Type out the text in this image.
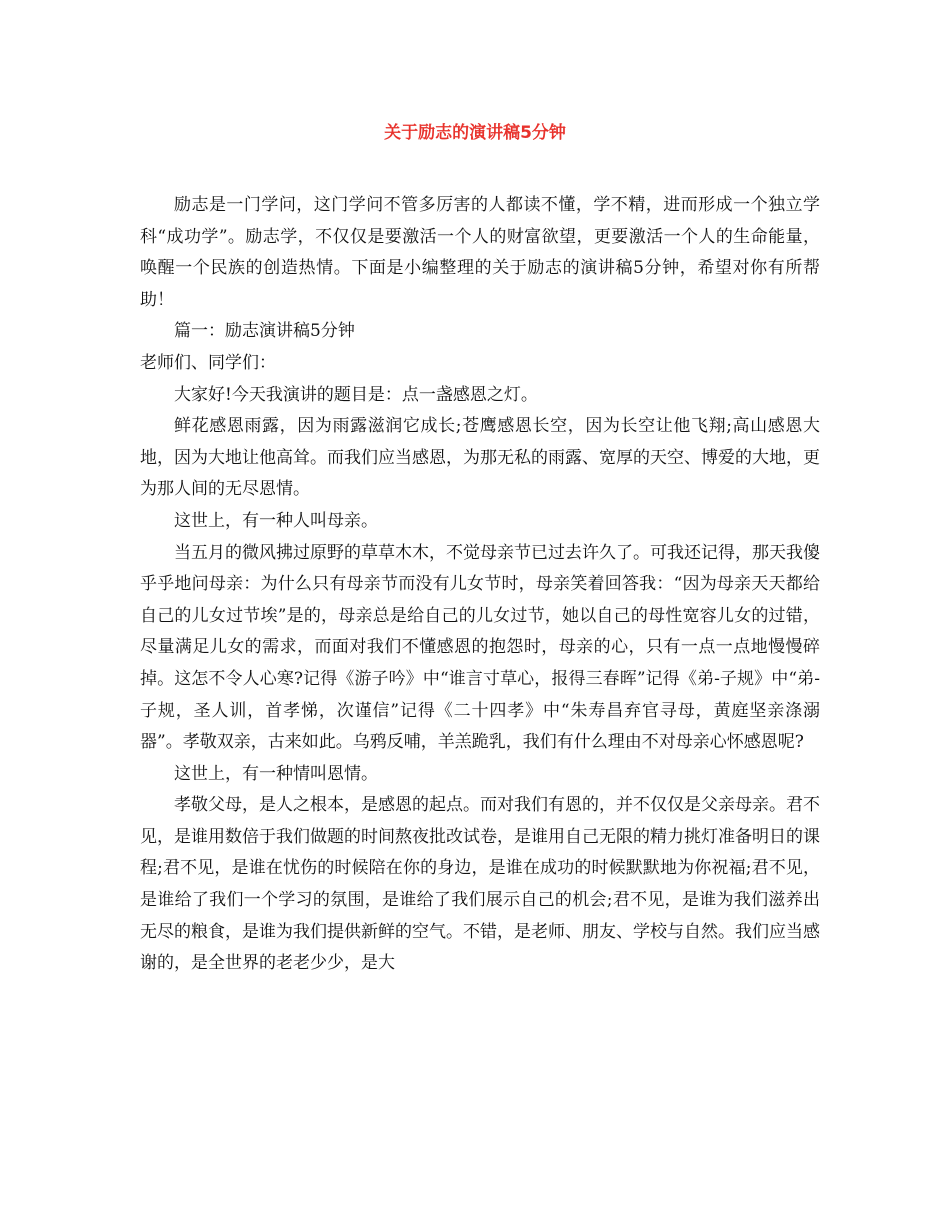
关于励志的演讲稿5分钟

励志是一门学问，这门学问不管多厉害的人都读不懂，学不精，进而形成一个独立学科“成功学”。励志学，不仅仅是要激活一个人的财富欲望，更要激活一个人的生命能量，唤醒一个民族的创造热情。下面是小编整理的关于励志的演讲稿5分钟，希望对你有所帮助！

篇一：励志演讲稿5分钟

老师们、同学们：

大家好!今天我演讲的题目是：点一盏感恩之灯。

鲜花感恩雨露，因为雨露滋润它成长;苍鹰感恩长空，因为长空让他飞翔;高山感恩大地，因为大地让他高耸。而我们应当感恩，为那无私的雨露、宽厚的天空、博爱的大地，更为那人间的无尽恩情。

这世上，有一种人叫母亲。

当五月的微风拂过原野的草草木木，不觉母亲节已过去许久了。可我还记得，那天我傻乎乎地问母亲：为什么只有母亲节而没有儿女节时，母亲笑着回答我：“因为母亲天天都给自己的儿女过节埃”是的，母亲总是给自己的儿女过节，她以自己的母性宽容儿女的过错，尽量满足儿女的需求，而面对我们不懂感恩的抱怨时，母亲的心，只有一点一点地慢慢碎掉。这怎不令人心寒?记得《游子吟》中“谁言寸草心，报得三春晖”记得《弟-子规》中“弟-子规，圣人训，首孝悌，次谨信”记得《二十四孝》中“朱寿昌弃官寻母，黄庭坚亲涤溺器”。孝敬双亲，古来如此。乌鸦反哺，羊羔跪乳，我们有什么理由不对母亲心怀感恩呢?

这世上，有一种情叫恩情。

孝敬父母，是人之根本，是感恩的起点。而对我们有恩的，并不仅仅是父亲母亲。君不见，是谁用数倍于我们做题的时间熬夜批改试卷，是谁用自己无限的精力挑灯准备明日的课程;君不见，是谁在忧伤的时候陪在你的身边，是谁在成功的时候默默地为你祝福;君不见，是谁给了我们一个学习的氛围，是谁给了我们展示自己的机会;君不见，是谁为我们滋养出无尽的粮食，是谁为我们提供新鲜的空气。不错，是老师、朋友、学校与自然。我们应当感谢的，是全世界的老老少少，是大
